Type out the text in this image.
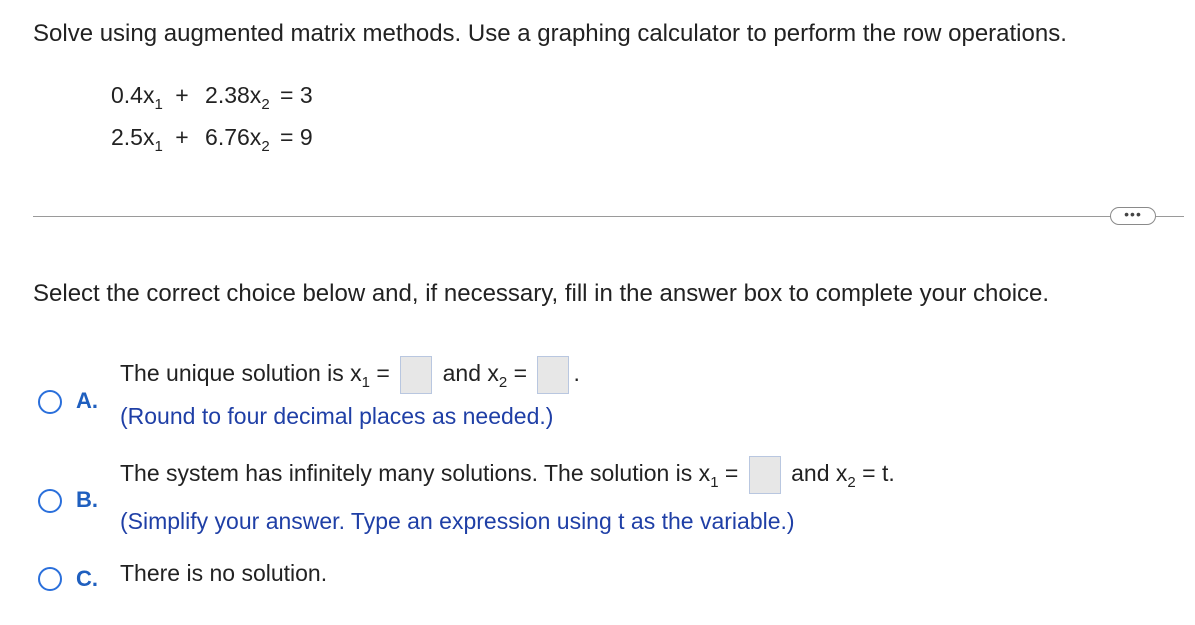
Solve using augmented matrix methods. Use a graphing calculator to perform the row operations.
$0.4x_1 + 2.38x_2 = 3$
$2.5x_1 + 6.76x_2 = 9$
•••
Select the correct choice below and, if necessary, fill in the answer box to complete your choice.
A.
The unique solution is $x_1$ = and $x_2$ = .
(Round to four decimal places as needed.)
B.
The system has infinitely many solutions. The solution is $x_1$ = and $x_2 = t$.
(Simplify your answer. Type an expression using t as the variable.)
C. There is no solution.
